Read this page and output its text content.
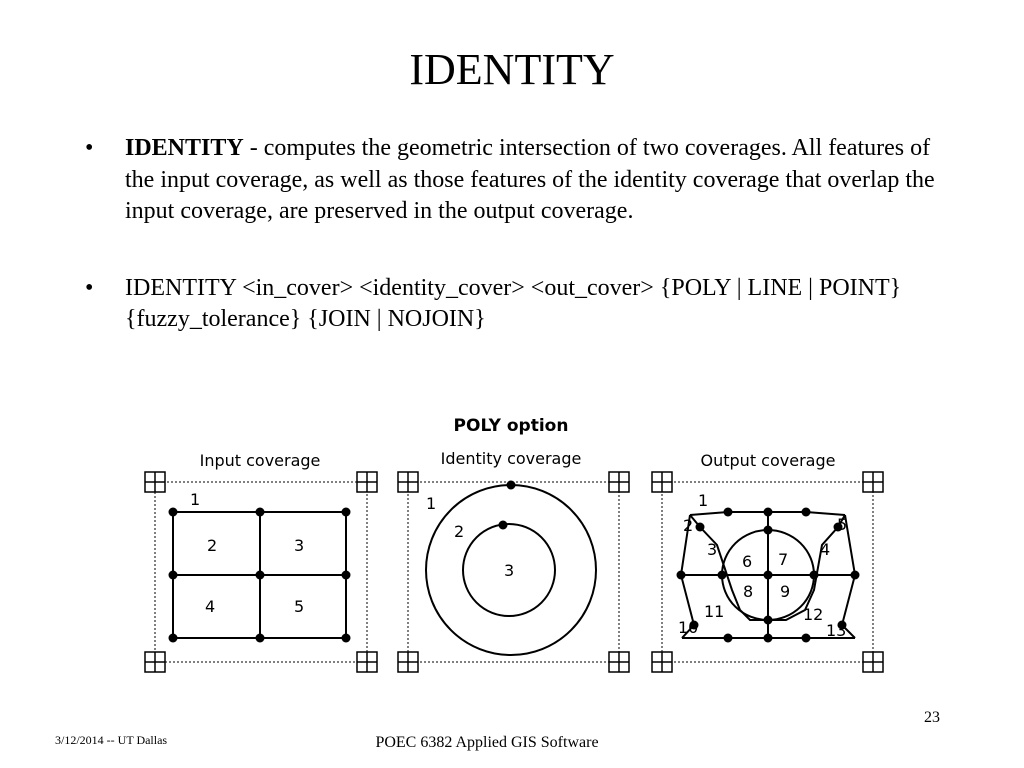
IDENTITY
• IDENTITY - computes the geometric intersection of two coverages. All features of the input coverage, as well as those features of the identity coverage that overlap the input coverage, are preserved in the output coverage.
• IDENTITY <in_cover> <identity_cover> <out_cover> {POLY | LINE | POINT} {fuzzy_tolerance} {JOIN | NOJOIN}
POLY option
Input coverage
1
2	3
4	5
Identity coverage
1
2
3
Output coverage
1
2
3	4
5
6 7
8 9
10
11	12
13
23
3/12/2014 -- UT Dallas	POEC 6382 Applied GIS Software
